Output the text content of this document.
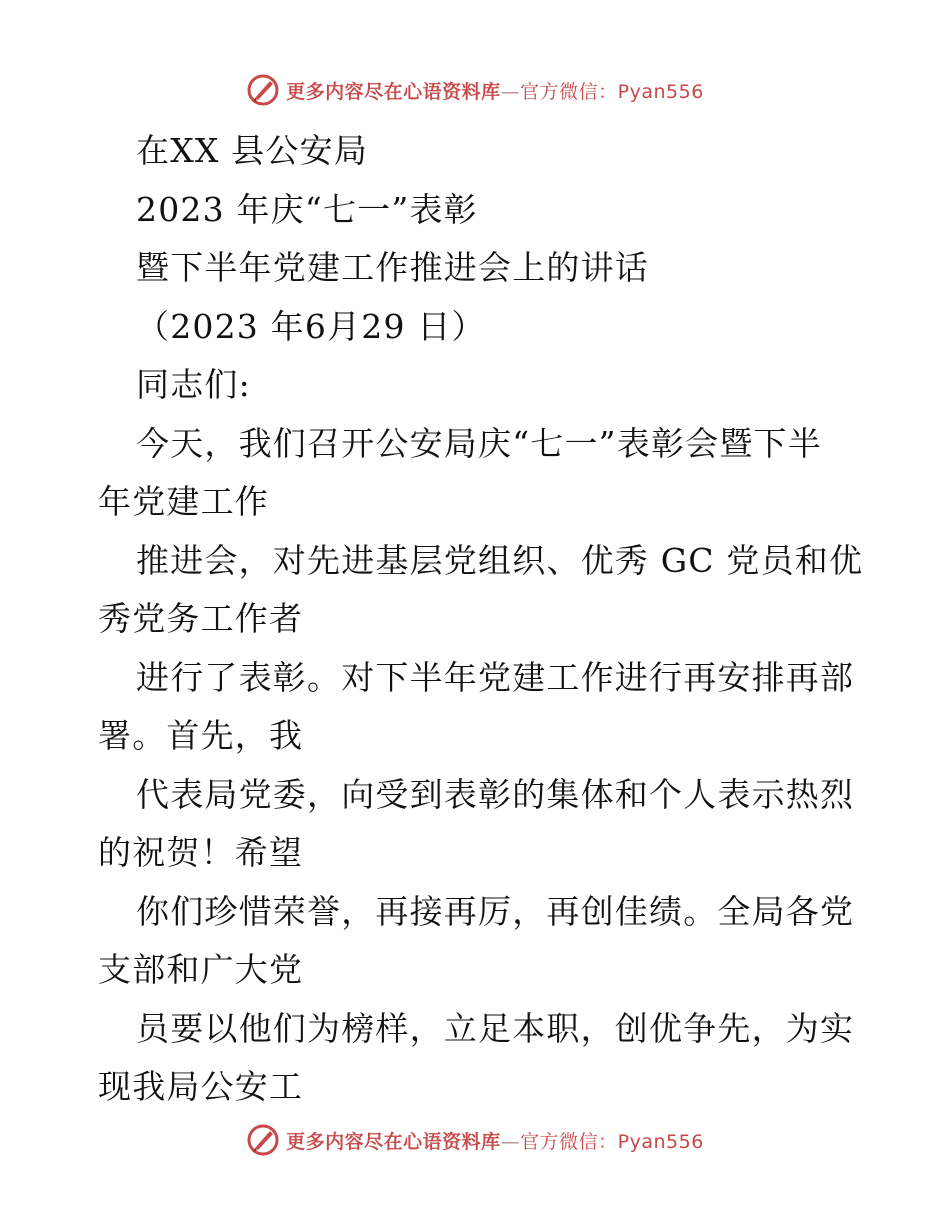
更多内容尽在心语资料库—官方微信：Pyan556
在XX 县公安局
2023 年庆“七一”表彰
暨下半年党建工作推进会上的讲话
（2023 年6月29 日）
同志们:
今天，我们召开公安局庆“七一”表彰会暨下半
年党建工作
推进会，对先进基层党组织、优秀 GC 党员和优
秀党务工作者
进行了表彰。对下半年党建工作进行再安排再部
署。首先，我
代表局党委，向受到表彰的集体和个人表示热烈
的祝贺！希望
你们珍惜荣誉，再接再厉，再创佳绩。全局各党
支部和广大党
员要以他们为榜样，立足本职，创优争先，为实
现我局公安工
更多内容尽在心语资料库—官方微信：Pyan556
